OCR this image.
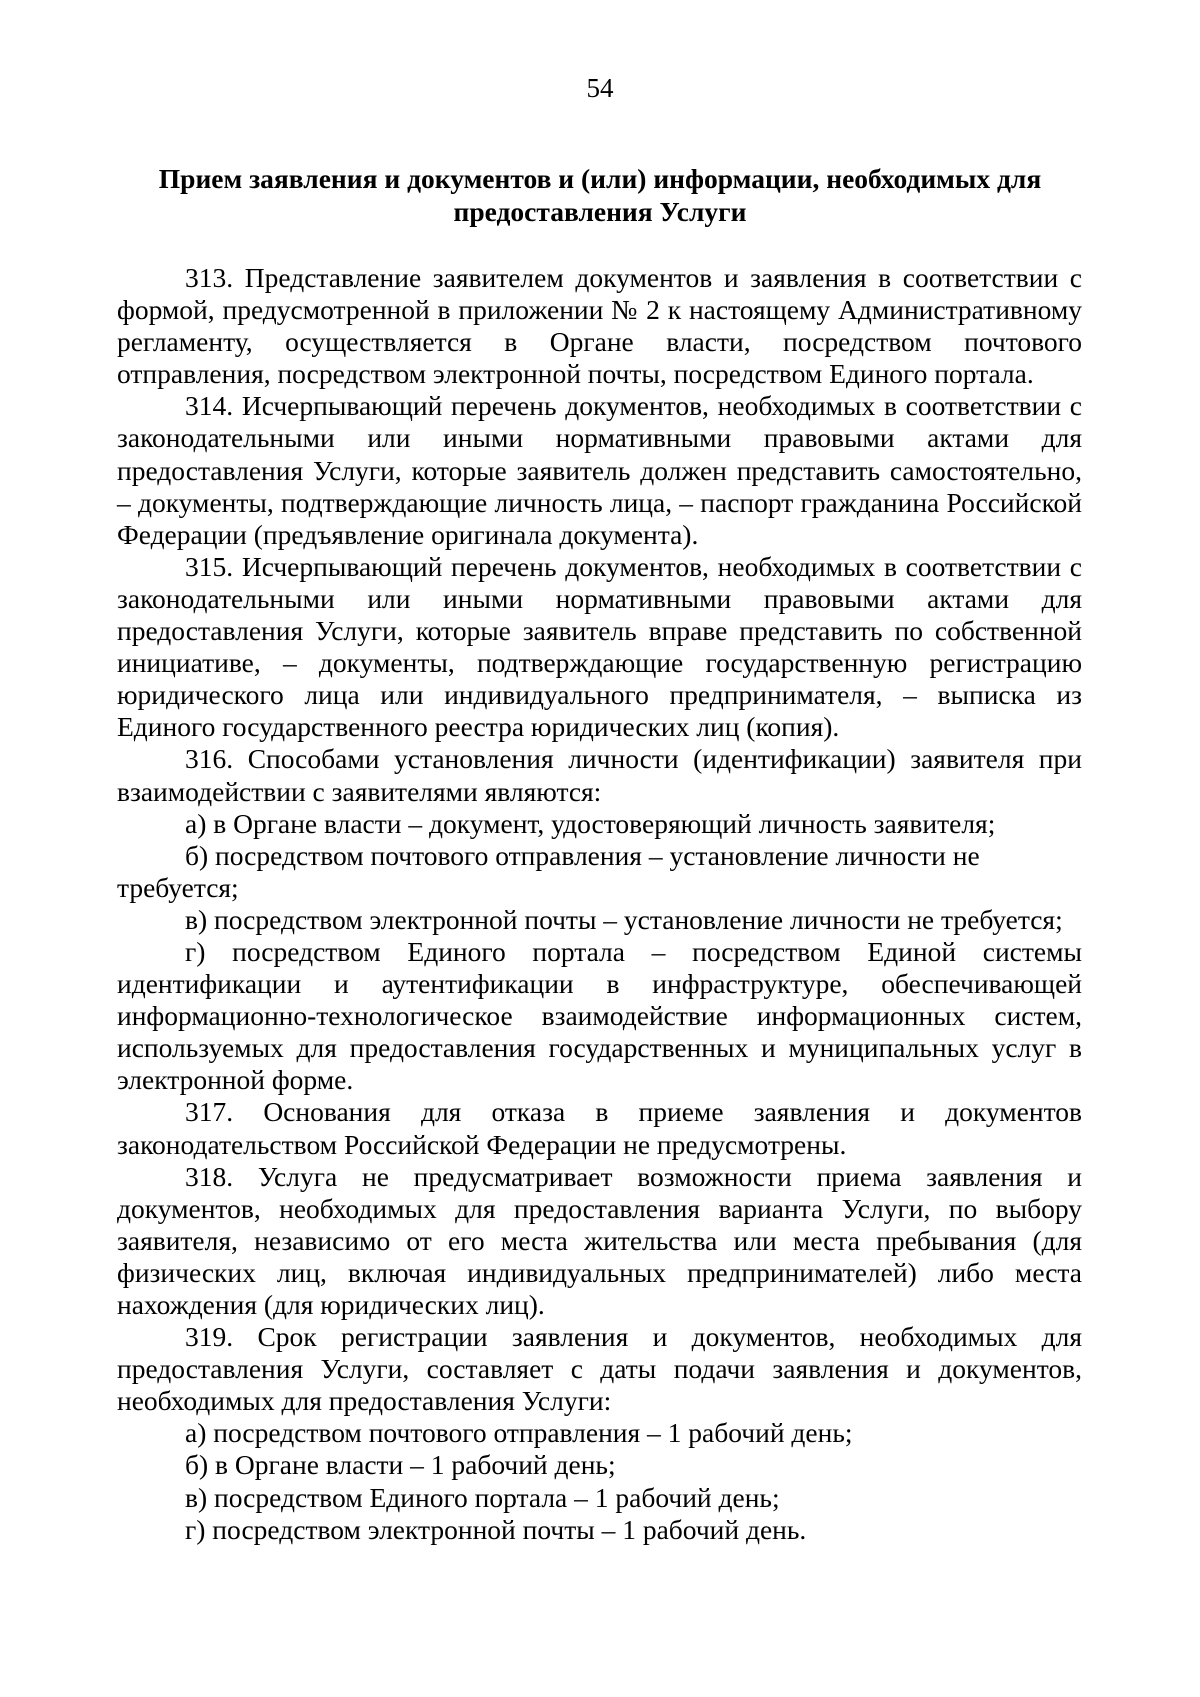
54
Прием заявления и документов и (или) информации, необходимых для предоставления Услуги

313. Представление заявителем документов и заявления в соответствии с формой, предусмотренной в приложении № 2 к настоящему Административному регламенту, осуществляется в Органе власти, посредством почтового отправления, посредством электронной почты, посредством Единого портала.

314. Исчерпывающий перечень документов, необходимых в соответствии с законодательными или иными нормативными правовыми актами для предоставления Услуги, которые заявитель должен представить самостоятельно, – документы, подтверждающие личность лица, – паспорт гражданина Российской Федерации (предъявление оригинала документа).

315. Исчерпывающий перечень документов, необходимых в соответствии с законодательными или иными нормативными правовыми актами для предоставления Услуги, которые заявитель вправе представить по собственной инициативе, – документы, подтверждающие государственную регистрацию юридического лица или индивидуального предпринимателя, – выписка из Единого государственного реестра юридических лиц (копия).

316. Способами установления личности (идентификации) заявителя при взаимодействии с заявителями являются:

а) в Органе власти – документ, удостоверяющий личность заявителя;

б) посредством почтового отправления – установление личности не требуется;

в) посредством электронной почты – установление личности не требуется;

г) посредством Единого портала – посредством Единой системы идентификации и аутентификации в инфраструктуре, обеспечивающей информационно-технологическое взаимодействие информационных систем, используемых для предоставления государственных и муниципальных услуг в электронной форме.

317. Основания для отказа в приеме заявления и документов законодательством Российской Федерации не предусмотрены.

318. Услуга не предусматривает возможности приема заявления и документов, необходимых для предоставления варианта Услуги, по выбору заявителя, независимо от его места жительства или места пребывания (для физических лиц, включая индивидуальных предпринимателей) либо места нахождения (для юридических лиц).

319. Срок регистрации заявления и документов, необходимых для предоставления Услуги, составляет с даты подачи заявления и документов, необходимых для предоставления Услуги:

а) посредством почтового отправления – 1 рабочий день;

б) в Органе власти – 1 рабочий день;

в) посредством Единого портала – 1 рабочий день;

г) посредством электронной почты – 1 рабочий день.
